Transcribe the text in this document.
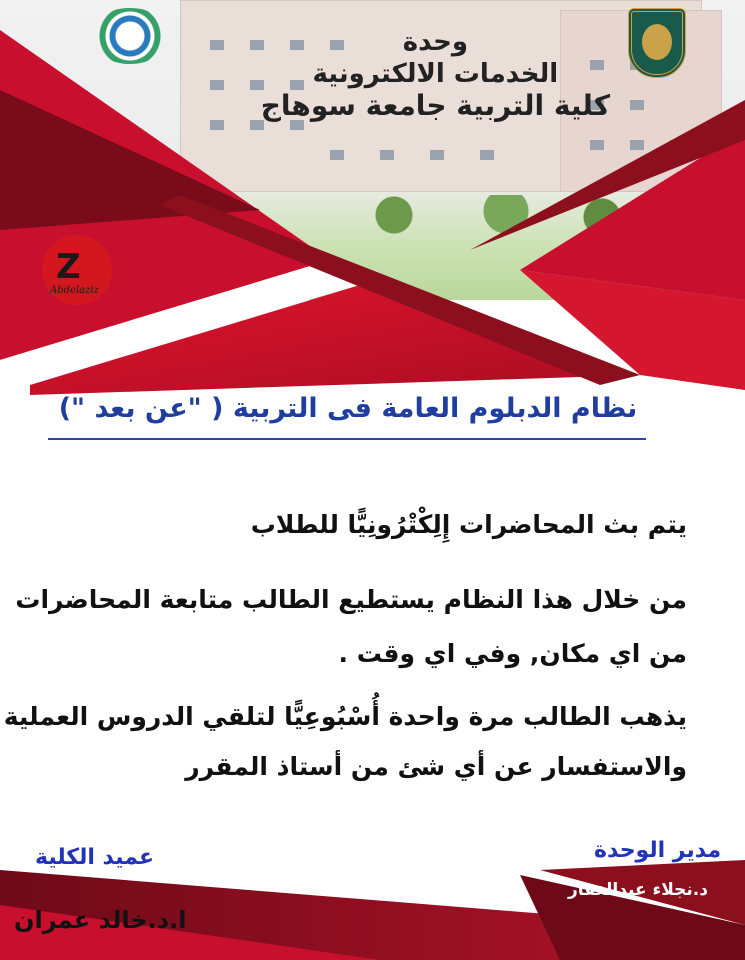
Z
Abdelaziz
وحدة
الخدمات الالكترونية
كلية التربية جامعة سوهاج
نظام الدبلوم العامة فى التربية ( "عن بعد ")
يتم بث المحاضرات إِلِكْتْرُونِيًّا للطلاب
من خلال هذا النظام يستطيع الطالب متابعة المحاضرات
من اي مكان, وفي اي وقت .
يذهب الطالب مرة واحدة أُسْبُوعِيًّا لتلقي الدروس العملية
والاستفسار عن أي شئ من أستاذ المقرر
عميد الكلية	مدير الوحدة
ا.د.خالد عمران
د.نجلاء عبدالغفار
